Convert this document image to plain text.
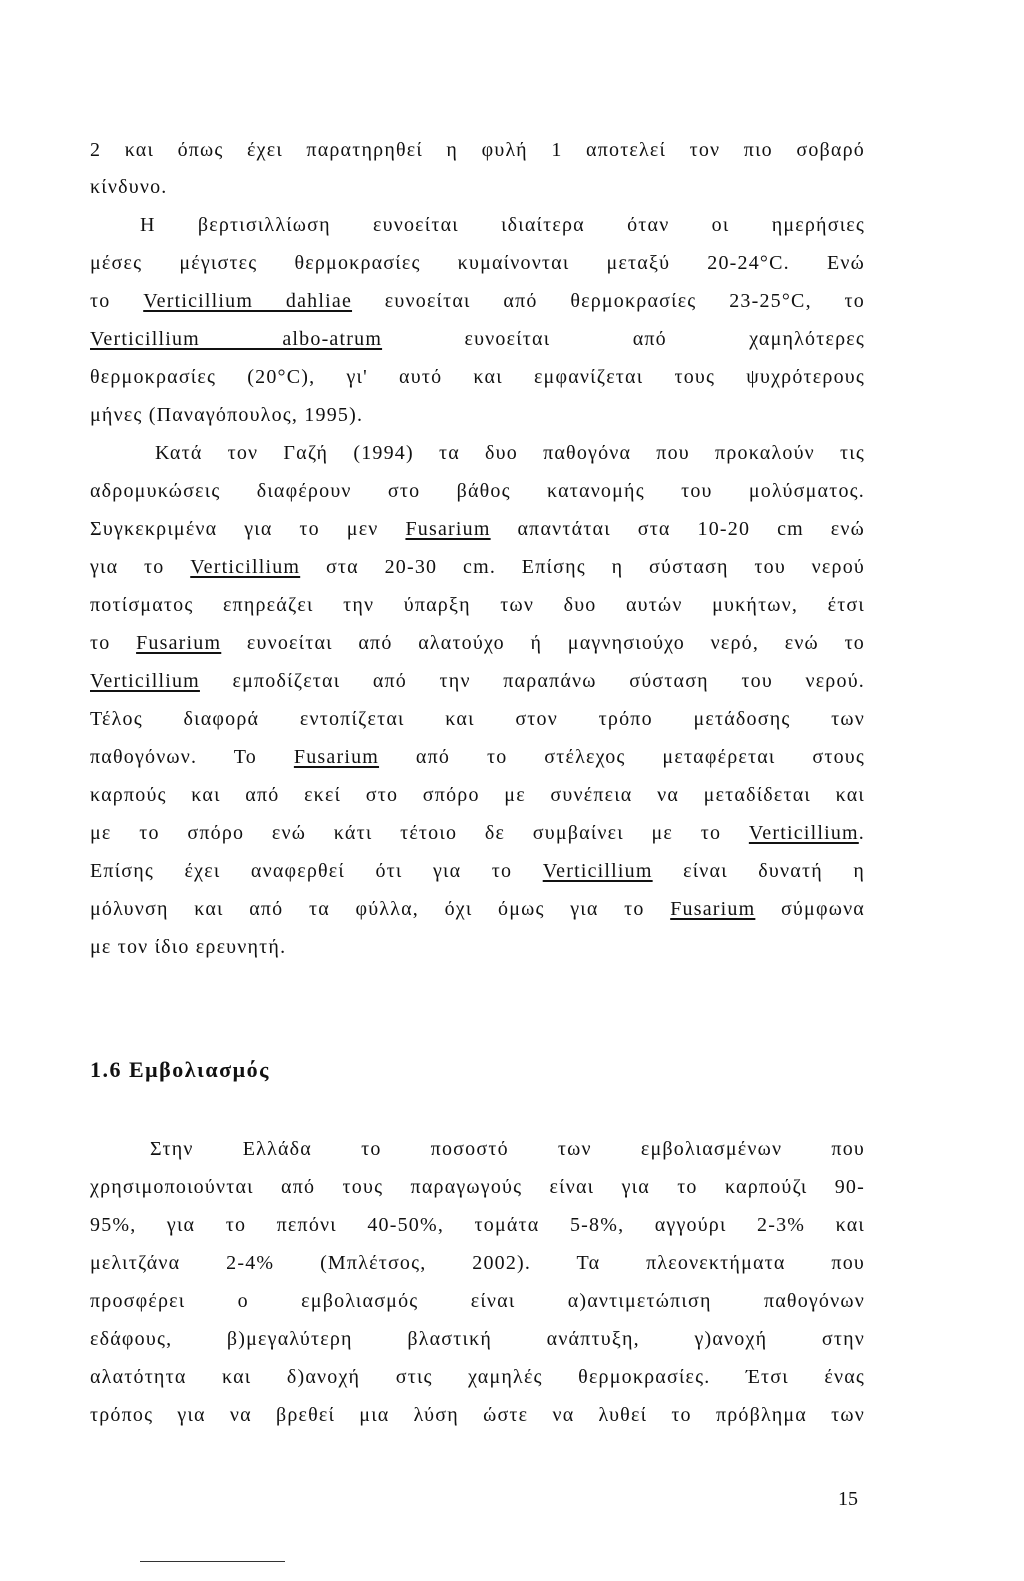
2 και όπως έχει παρατηρηθεί η φυλή 1 αποτελεί τον πιο σοβαρό
κίνδυνο.
Η βερτισιλλίωση ευνοείται ιδιαίτερα όταν οι ημερήσιες
μέσες μέγιστες θερμοκρασίες κυμαίνονται μεταξύ 20-24°C. Ενώ
το Verticillium dahliae ευνοείται από θερμοκρασίες 23-25°C, το
Verticillium albo-atrum ευνοείται από χαμηλότερες
θερμοκρασίες (20°C), γι' αυτό και εμφανίζεται τους ψυχρότερους
μήνες (Παναγόπουλος, 1995).
Κατά τον Γαζή (1994) τα δυο παθογόνα που προκαλούν τις
αδρομυκώσεις διαφέρουν στο βάθος κατανομής του μολύσματος.
Συγκεκριμένα για το μεν Fusarium απαντάται στα 10-20 cm ενώ
για το Verticillium στα 20-30 cm. Επίσης η σύσταση του νερού
ποτίσματος επηρεάζει την ύπαρξη των δυο αυτών μυκήτων, έτσι
το Fusarium ευνοείται από αλατούχο ή μαγνησιούχο νερό, ενώ το
Verticillium εμποδίζεται από την παραπάνω σύσταση του νερού.
Τέλος διαφορά εντοπίζεται και στον τρόπο μετάδοσης των
παθογόνων. Το Fusarium από το στέλεχος μεταφέρεται στους
καρπούς και από εκεί στο σπόρο με συνέπεια να μεταδίδεται και
με το σπόρο ενώ κάτι τέτοιο δε συμβαίνει με το Verticillium.
Επίσης έχει αναφερθεί ότι για το Verticillium είναι δυνατή η
μόλυνση και από τα φύλλα, όχι όμως για το Fusarium σύμφωνα
με τον ίδιο ερευνητή.
1.6 Εμβολιασμός
Στην Ελλάδα το ποσοστό των εμβολιασμένων που
χρησιμοποιούνται από τους παραγωγούς είναι για το καρπούζι 90-
95%, για το πεπόνι 40-50%, τομάτα 5-8%, αγγούρι 2-3% και
μελιτζάνα 2-4% (Μπλέτσος, 2002). Τα πλεονεκτήματα που
προσφέρει ο εμβολιασμός είναι α)αντιμετώπιση παθογόνων
εδάφους, β)μεγαλύτερη βλαστική ανάπτυξη, γ)ανοχή στην
αλατότητα και δ)ανοχή στις χαμηλές θερμοκρασίες. Έτσι ένας
τρόπος για να βρεθεί μια λύση ώστε να λυθεί το πρόβλημα των
15
